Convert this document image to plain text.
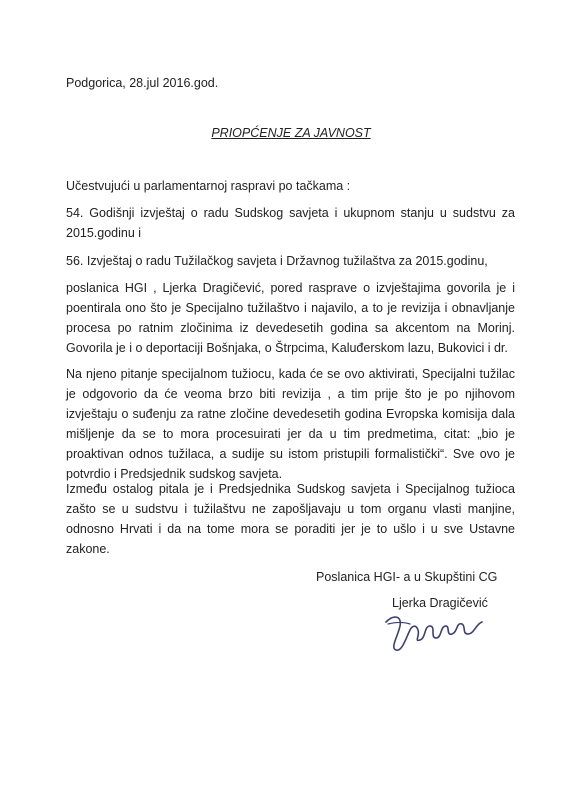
Podgorica, 28.jul 2016.god.
PRIOPĆENJE ZA JAVNOST
Učestvujući u parlamentarnoj raspravi po tačkama :
54. Godišnji izvještaj o radu Sudskog savjeta i ukupnom stanju u sudstvu za 2015.godinu i
56. Izvještaj o radu Tužilačkog savjeta i Državnog tužilaštva za 2015.godinu,
poslanica HGI , Ljerka Dragičević, pored rasprave o izvještajima govorila je i poentirala ono što je Specijalno tužilaštvo i najavilo, a to je revizija i obnavljanje procesa po ratnim zločinima iz devedesetih godina sa akcentom na Morinj. Govorila je i o deportaciji Bošnjaka, o Štrpcima, Kaluđerskom lazu, Bukovici i dr.
Na njeno pitanje specijalnom tužiocu, kada će se ovo aktivirati, Specijalni tužilac je odgovorio da će veoma brzo biti revizija , a tim prije što je po njihovom izvještaju o suđenju za ratne zločine devedesetih godina Evropska komisija dala mišljenje da se to mora procesuirati jer da u tim predmetima, citat: „bio je proaktivan odnos tužilaca, a sudije su istom pristupili formalistički“. Sve ovo je potvrdio i Predsjednik sudskog savjeta.
Između ostalog pitala je i Predsjednika Sudskog savjeta i Specijalnog tužioca zašto se u sudstvu i tužilaštvu ne zapošljavaju u tom organu vlasti manjine, odnosno Hrvati i da na tome mora se poraditi jer je to ušlo i u sve Ustavne zakone.
Poslanica HGI- a u Skupštini CG
Ljerka Dragičević
